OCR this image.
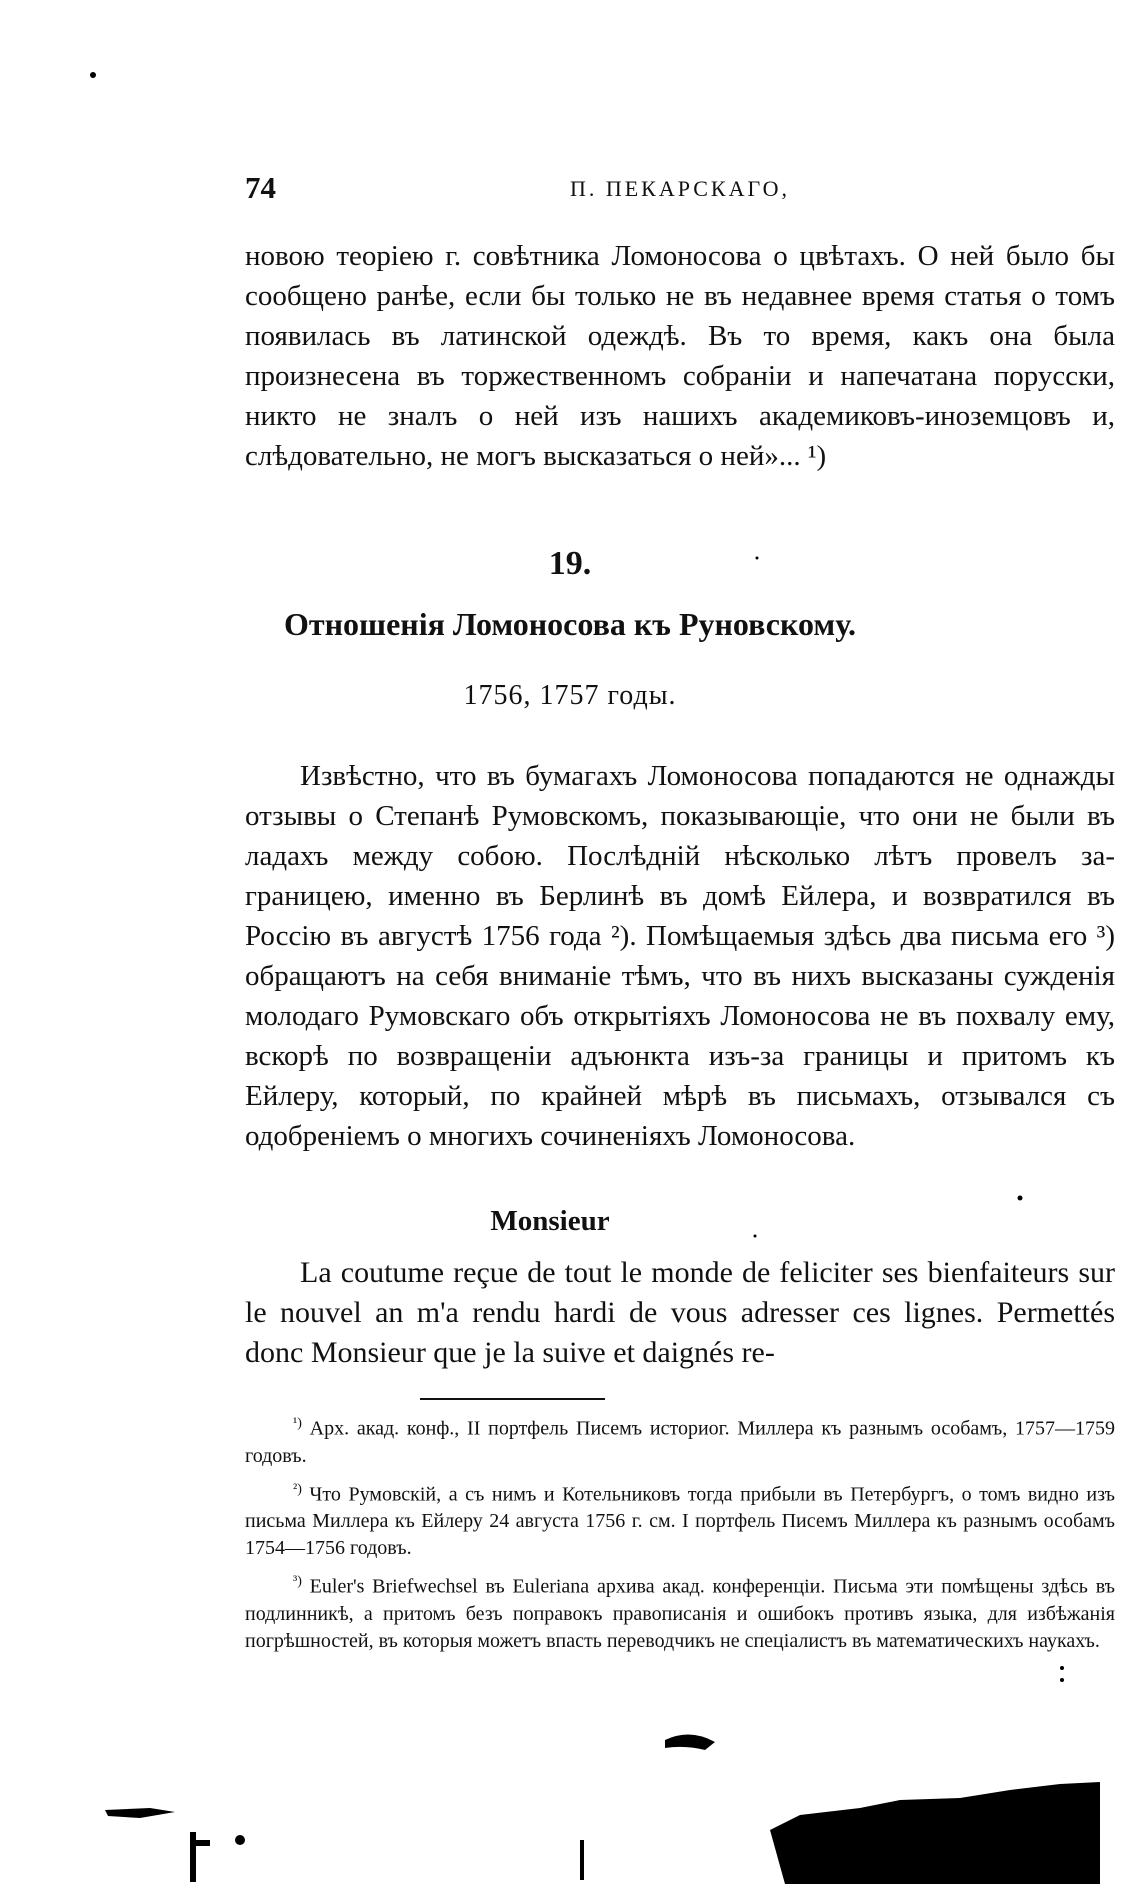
74	П. ПЕКАРСКАГО,
новою теоріею г. совѣтника Ломоносова о цвѣтахъ. О ней было бы сообщено ранѣе, если бы только не въ недавнее время статья о томъ появилась въ латинской одеждѣ. Въ то время, какъ она была произнесена въ торжественномъ собраніи и напечатана порусски, никто не зналъ о ней изъ нашихъ академиковъ-иноземцовъ и, слѣдовательно, не могъ высказаться о ней»... ¹)
19.
Отношенія Ломоносова къ Руновскому.
1756, 1757 годы.
Извѣстно, что въ бумагахъ Ломоносова попадаются не однажды отзывы о Степанѣ Румовскомъ, показывающіе, что они не были въ ладахъ между собою. Послѣдній нѣсколько лѣтъ провелъ за-границею, именно въ Берлинѣ въ домѣ Ейлера, и возвратился въ Россію въ августѣ 1756 года ²). Помѣщаемыя здѣсь два письма его ³) обращаютъ на себя вниманіе тѣмъ, что въ нихъ высказаны сужденія молодаго Румовскаго объ открытіяхъ Ломоносова не въ похвалу ему, вскорѣ по возвращеніи адъюнкта изъ-за границы и притомъ къ Ейлеру, который, по крайней мѣрѣ въ письмахъ, отзывался съ одобреніемъ о многихъ сочиненіяхъ Ломоносова.
Monsieur
La coutume reçue de tout le monde de feliciter ses bienfaiteurs sur le nouvel an m'a rendu hardi de vous adresser ces lignes. Permettés donc Monsieur que je la suive et daignés re-

$^{^1)}$ Арх. акад. конф., II портфель Писемъ историог. Миллера къ разнымъ особамъ, 1757—1759 годовъ.

$^{^2)}$ Что Румовскій, а съ нимъ и Котельниковъ тогда прибыли въ Петербургъ, о томъ видно изъ письма Миллера къ Ейлеру 24 августа 1756 г. см. I портфель Писемъ Миллера къ разнымъ особамъ 1754—1756 годовъ.

$^{^3)}$ Euler's Briefwechsel въ Euleriana архива акад. конференціи. Письма эти помѣщены здѣсь въ подлинникѣ, а притомъ безъ поправокъ правописанія и ошибокъ противъ языка, для избѣжанія погрѣшностей, въ которыя можетъ впасть переводчикъ не спеціалистъ въ математическихъ наукахъ.
